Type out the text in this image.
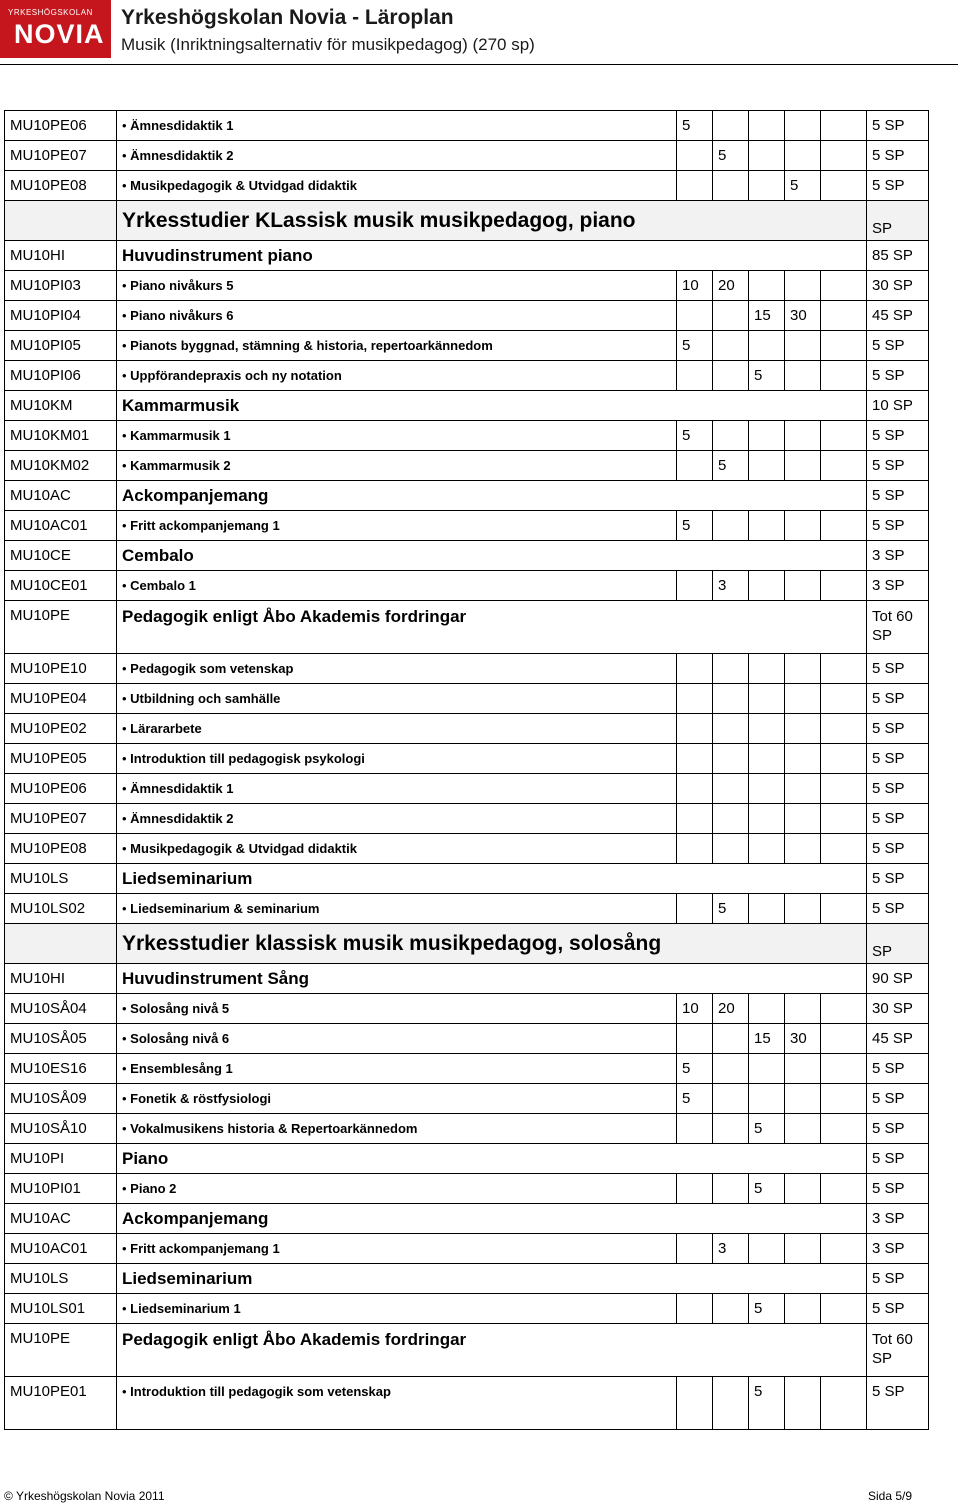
YRKESHÖGSKOLAN
NOVIA
Yrkeshögskolan Novia - Läroplan
Musik (Inriktningsalternativ för musikpedagog) (270 sp)
MU10PE06	• Ämnesdidaktik 1	5					5 SP
MU10PE07	• Ämnesdidaktik 2		5				5 SP
MU10PE08	• Musikpedagogik & Utvidgad didaktik				5		5 SP
	Yrkesstudier KLassisk musik musikpedagog, piano						SP
MU10HI	Huvudinstrument piano						85 SP
MU10PI03	• Piano nivåkurs 5	10	20				30 SP
MU10PI04	• Piano nivåkurs 6			15	30		45 SP
MU10PI05	• Pianots byggnad, stämning & historia, repertoarkännedom	5					5 SP
MU10PI06	• Uppförandepraxis och ny notation			5			5 SP
MU10KM	Kammarmusik						10 SP
MU10KM01	• Kammarmusik 1	5					5 SP
MU10KM02	• Kammarmusik 2		5				5 SP
MU10AC	Ackompanjemang						5 SP
MU10AC01	• Fritt ackompanjemang 1	5					5 SP
MU10CE	Cembalo						3 SP
MU10CE01	• Cembalo 1		3				3 SP
MU10PE	Pedagogik enligt Åbo Akademis fordringar						Tot 60 SP
MU10PE10	• Pedagogik som vetenskap						5 SP
MU10PE04	• Utbildning och samhälle						5 SP
MU10PE02	• Lärararbete						5 SP
MU10PE05	• Introduktion till pedagogisk psykologi						5 SP
MU10PE06	• Ämnesdidaktik 1						5 SP
MU10PE07	• Ämnesdidaktik 2						5 SP
MU10PE08	• Musikpedagogik & Utvidgad didaktik						5 SP
MU10LS	Liedseminarium						5 SP
MU10LS02	• Liedseminarium & seminarium		5				5 SP
	Yrkesstudier klassisk musik musikpedagog, solosång						SP
MU10HI	Huvudinstrument Sång						90 SP
MU10SÅ04	• Solosång nivå 5	10	20				30 SP
MU10SÅ05	• Solosång nivå 6			15	30		45 SP
MU10ES16	• Ensemblesång 1	5					5 SP
MU10SÅ09	• Fonetik & röstfysiologi	5					5 SP
MU10SÅ10	• Vokalmusikens historia & Repertoarkännedom			5			5 SP
MU10PI	Piano						5 SP
MU10PI01	• Piano 2			5			5 SP
MU10AC	Ackompanjemang						3 SP
MU10AC01	• Fritt ackompanjemang 1		3				3 SP
MU10LS	Liedseminarium						5 SP
MU10LS01	• Liedseminarium 1			5			5 SP
MU10PE	Pedagogik enligt Åbo Akademis fordringar						Tot 60 SP
MU10PE01	• Introduktion till pedagogik som vetenskap			5			5 SP
© Yrkeshögskolan Novia 2011	Sida 5/9
